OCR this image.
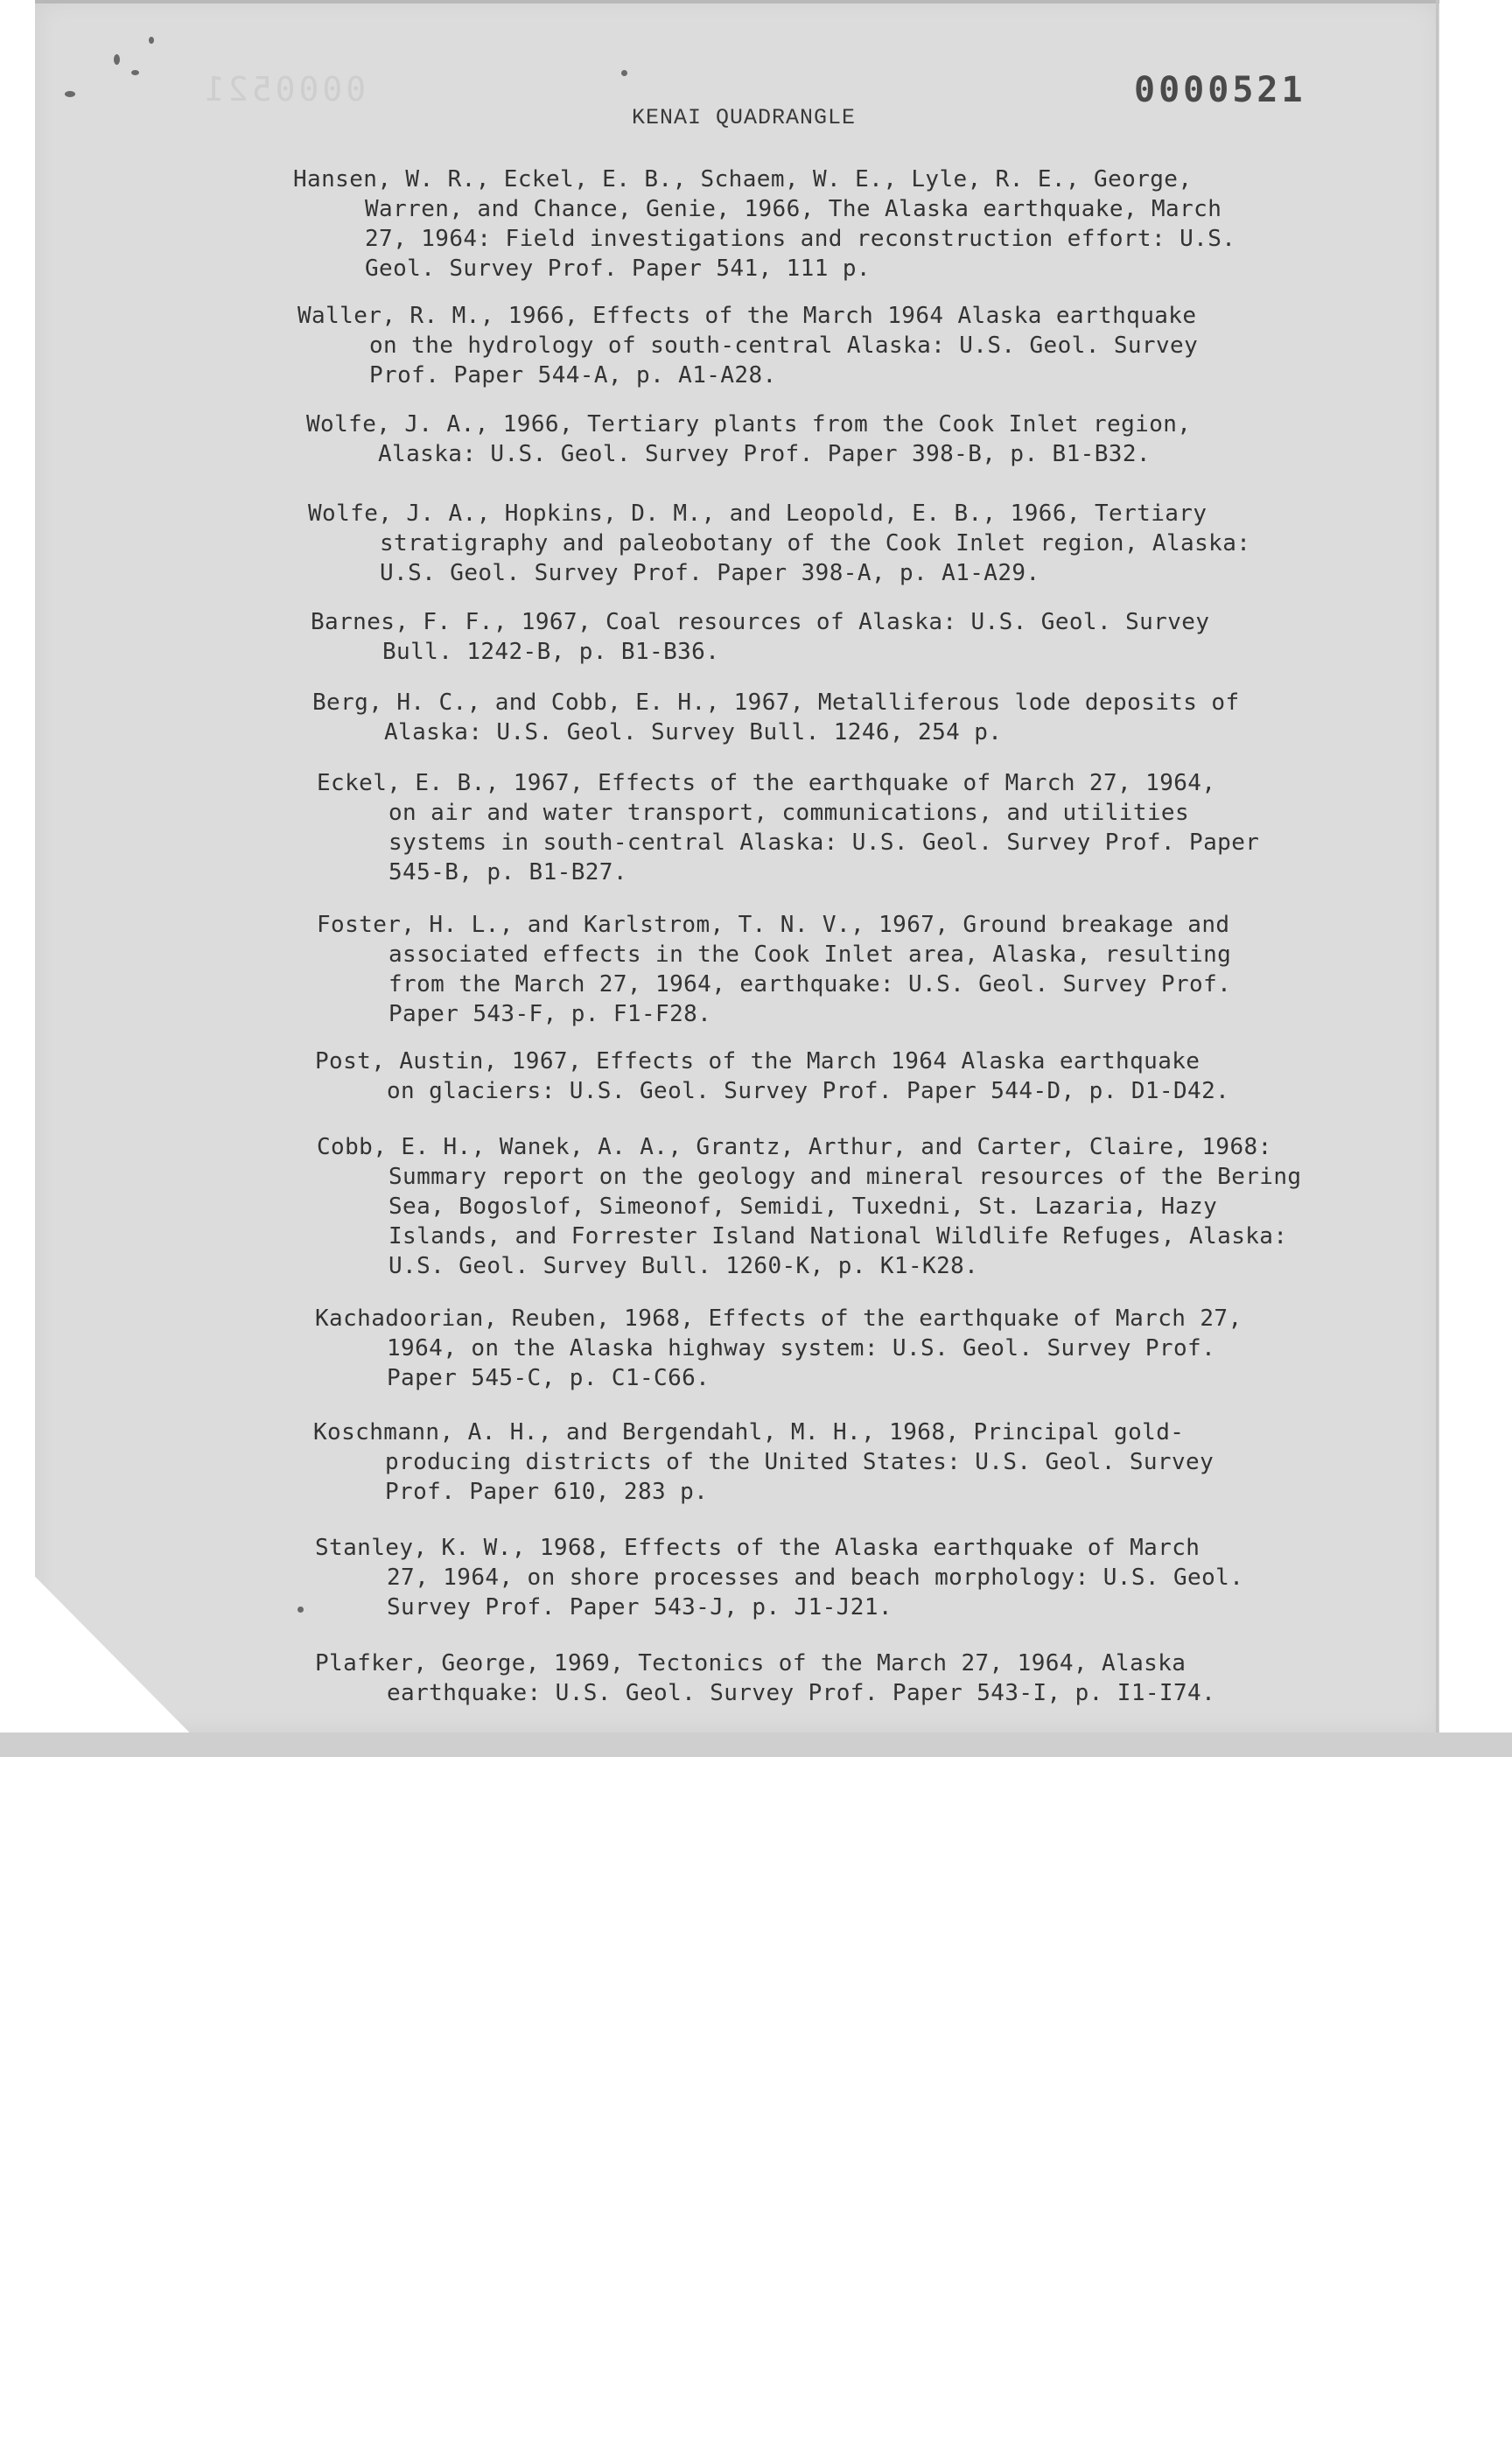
0000521	0000521
KENAI QUADRANGLE
Hansen, W. R., Eckel, E. B., Schaem, W. E., Lyle, R. E., George,
Warren, and Chance, Genie, 1966, The Alaska earthquake, March
27, 1964: Field investigations and reconstruction effort: U.S.
Geol. Survey Prof. Paper 541, 111 p.
Waller, R. M., 1966, Effects of the March 1964 Alaska earthquake
on the hydrology of south-central Alaska: U.S. Geol. Survey
Prof. Paper 544-A, p. A1-A28.
Wolfe, J. A., 1966, Tertiary plants from the Cook Inlet region,
Alaska: U.S. Geol. Survey Prof. Paper 398-B, p. B1-B32.
Wolfe, J. A., Hopkins, D. M., and Leopold, E. B., 1966, Tertiary
stratigraphy and paleobotany of the Cook Inlet region, Alaska:
U.S. Geol. Survey Prof. Paper 398-A, p. A1-A29.
Barnes, F. F., 1967, Coal resources of Alaska: U.S. Geol. Survey
Bull. 1242-B, p. B1-B36.
Berg, H. C., and Cobb, E. H., 1967, Metalliferous lode deposits of
Alaska: U.S. Geol. Survey Bull. 1246, 254 p.
Eckel, E. B., 1967, Effects of the earthquake of March 27, 1964,
on air and water transport, communications, and utilities
systems in south-central Alaska: U.S. Geol. Survey Prof. Paper
545-B, p. B1-B27.
Foster, H. L., and Karlstrom, T. N. V., 1967, Ground breakage and
associated effects in the Cook Inlet area, Alaska, resulting
from the March 27, 1964, earthquake: U.S. Geol. Survey Prof.
Paper 543-F, p. F1-F28.
Post, Austin, 1967, Effects of the March 1964 Alaska earthquake
on glaciers: U.S. Geol. Survey Prof. Paper 544-D, p. D1-D42.
Cobb, E. H., Wanek, A. A., Grantz, Arthur, and Carter, Claire, 1968:
Summary report on the geology and mineral resources of the Bering
Sea, Bogoslof, Simeonof, Semidi, Tuxedni, St. Lazaria, Hazy
Islands, and Forrester Island National Wildlife Refuges, Alaska:
U.S. Geol. Survey Bull. 1260-K, p. K1-K28.
Kachadoorian, Reuben, 1968, Effects of the earthquake of March 27,
1964, on the Alaska highway system: U.S. Geol. Survey Prof.
Paper 545-C, p. C1-C66.
Koschmann, A. H., and Bergendahl, M. H., 1968, Principal gold-
producing districts of the United States: U.S. Geol. Survey
Prof. Paper 610, 283 p.
Stanley, K. W., 1968, Effects of the Alaska earthquake of March
27, 1964, on shore processes and beach morphology: U.S. Geol.
Survey Prof. Paper 543-J, p. J1-J21.
Plafker, George, 1969, Tectonics of the March 27, 1964, Alaska
earthquake: U.S. Geol. Survey Prof. Paper 543-I, p. I1-I74.
